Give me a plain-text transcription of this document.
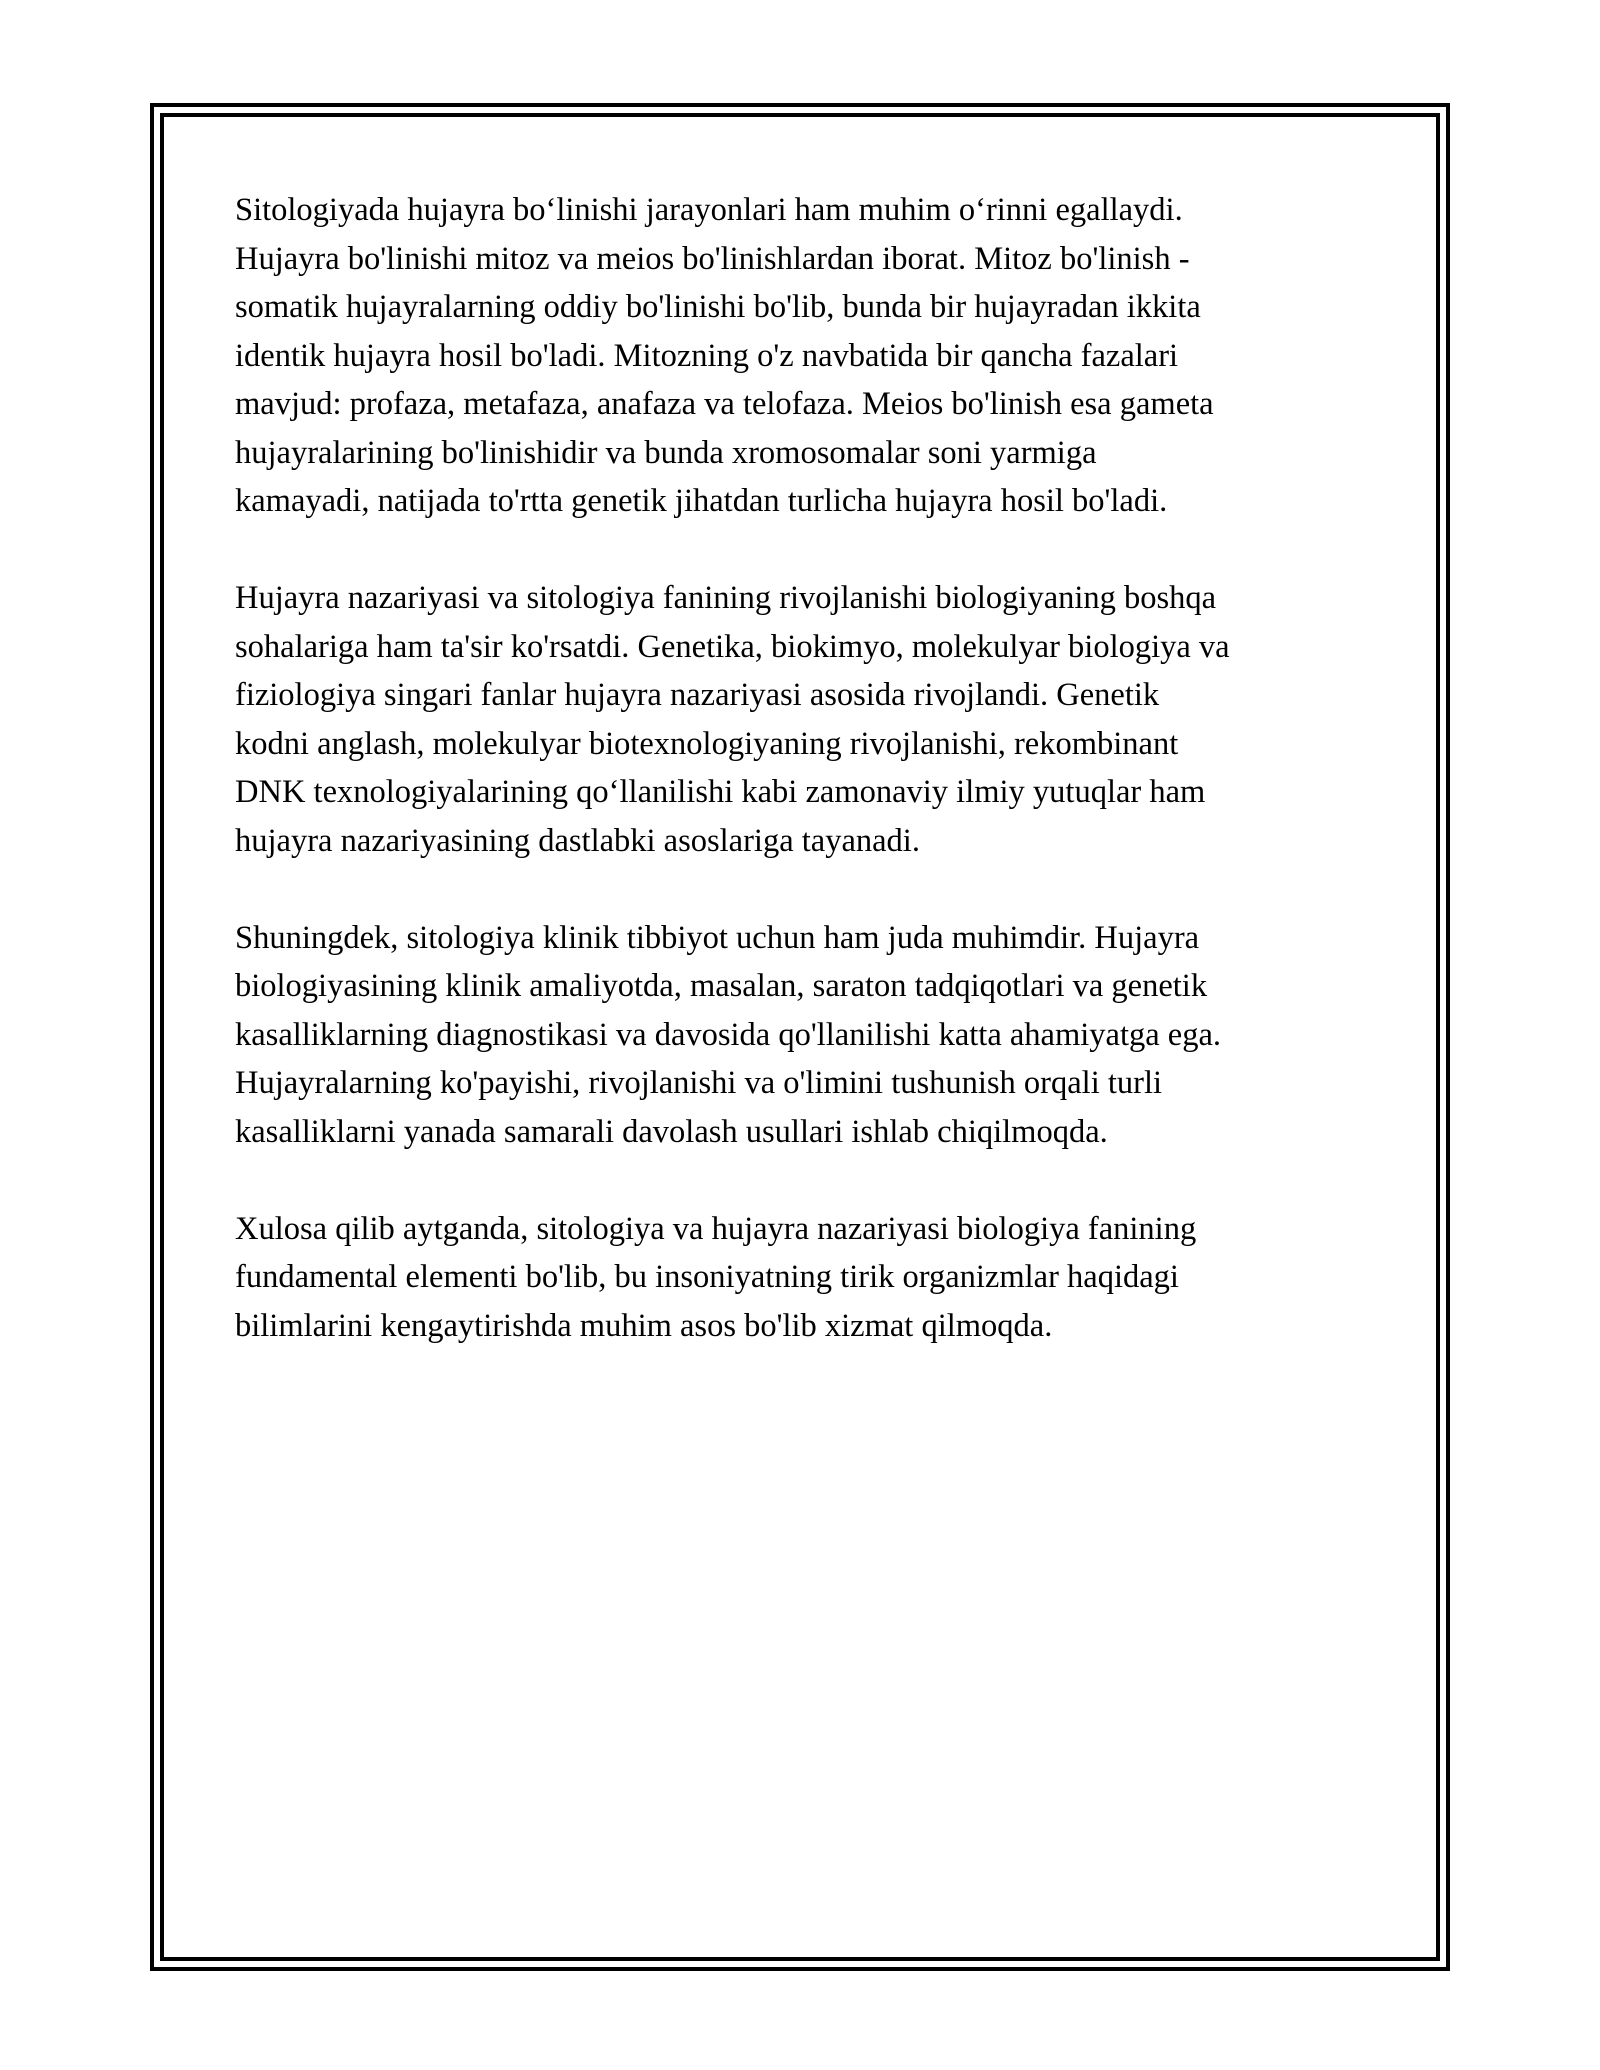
Sitologiyada hujayra bo‘linishi jarayonlari ham muhim o‘rinni egallaydi.
Hujayra bo'linishi mitoz va meios bo'linishlardan iborat. Mitoz bo'linish -
somatik hujayralarning oddiy bo'linishi bo'lib, bunda bir hujayradan ikkita
identik hujayra hosil bo'ladi. Mitozning o'z navbatida bir qancha fazalari
mavjud: profaza, metafaza, anafaza va telofaza. Meios bo'linish esa gameta
hujayralarining bo'linishidir va bunda xromosomalar soni yarmiga
kamayadi, natijada to'rtta genetik jihatdan turlicha hujayra hosil bo'ladi.

Hujayra nazariyasi va sitologiya fanining rivojlanishi biologiyaning boshqa
sohalariga ham ta'sir ko'rsatdi. Genetika, biokimyo, molekulyar biologiya va
fiziologiya singari fanlar hujayra nazariyasi asosida rivojlandi. Genetik
kodni anglash, molekulyar biotexnologiyaning rivojlanishi, rekombinant
DNK texnologiyalarining qo‘llanilishi kabi zamonaviy ilmiy yutuqlar ham
hujayra nazariyasining dastlabki asoslariga tayanadi.

Shuningdek, sitologiya klinik tibbiyot uchun ham juda muhimdir. Hujayra
biologiyasining klinik amaliyotda, masalan, saraton tadqiqotlari va genetik
kasalliklarning diagnostikasi va davosida qo'llanilishi katta ahamiyatga ega.
Hujayralarning ko'payishi, rivojlanishi va o'limini tushunish orqali turli
kasalliklarni yanada samarali davolash usullari ishlab chiqilmoqda.

Xulosa qilib aytganda, sitologiya va hujayra nazariyasi biologiya fanining
fundamental elementi bo'lib, bu insoniyatning tirik organizmlar haqidagi
bilimlarini kengaytirishda muhim asos bo'lib xizmat qilmoqda.
